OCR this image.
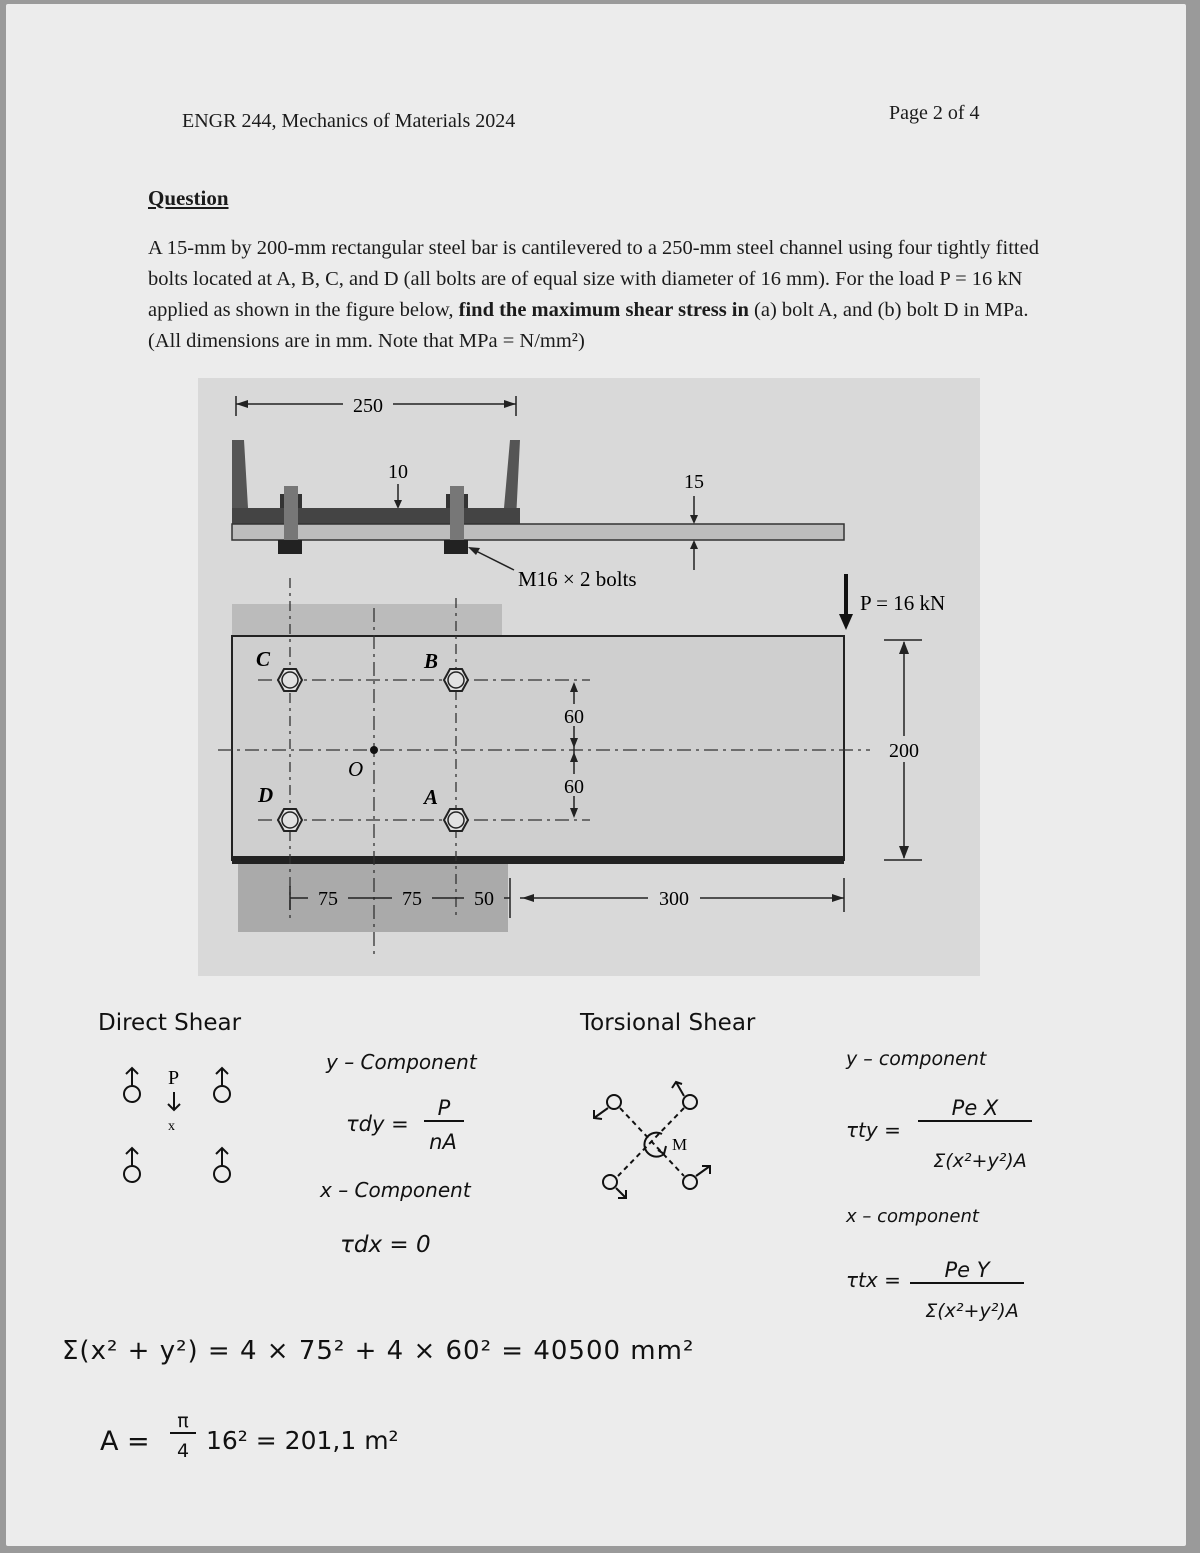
ENGR 244, Mechanics of Materials 2024	Page 2 of 4
Question
A 15-mm by 200-mm rectangular steel bar is cantilevered to a 250-mm steel channel using four tightly fitted bolts located at A, B, C, and D (all bolts are of equal size with diameter of 16 mm). For the load P = 16 kN applied as shown in the figure below, find the maximum shear stress in (a) bolt A, and (b) bolt D in MPa. (All dimensions are in mm. Note that MPa = N/mm²)
250
10	15
M16 × 2 bolts
P = 16 kN
C	B
O
D	A
60
60
200
75	75	50	300
Direct Shear
P
x
y – Component
τdy =
P
nA
x – Component
τdx = 0
Torsional Shear
M
y – component
τty =
Pe X
Σ(x²+y²)A
x – component
τtx =	Pe Y
Σ(x²+y²)A
Σ(x² + y²) = 4 × 75² + 4 × 60² = 40500 mm²
A =
π
4 16² = 201,1 m²
